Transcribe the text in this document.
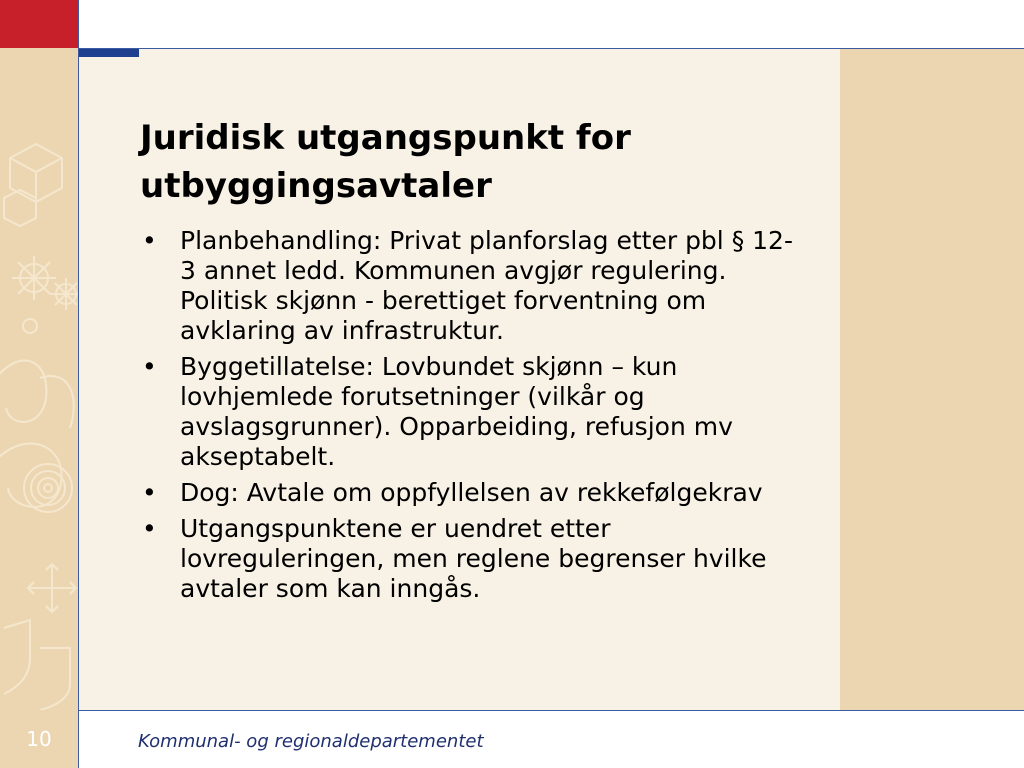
10
Juridisk utgangspunkt for utbyggingsavtaler
• Planbehandling: Privat planforslag etter pbl § 12-3 annet ledd. Kommunen avgjør regulering. Politisk skjønn - berettiget forventning om avklaring av infrastruktur.
• Byggetillatelse: Lovbundet skjønn – kun lovhjemlede forutsetninger (vilkår og avslagsgrunner). Opparbeiding, refusjon mv akseptabelt.
• Dog: Avtale om oppfyllelsen av rekkefølgekrav
• Utgangspunktene er uendret etter lovreguleringen, men reglene begrenser hvilke avtaler som kan inngås.
Kommunal- og regionaldepartementet
